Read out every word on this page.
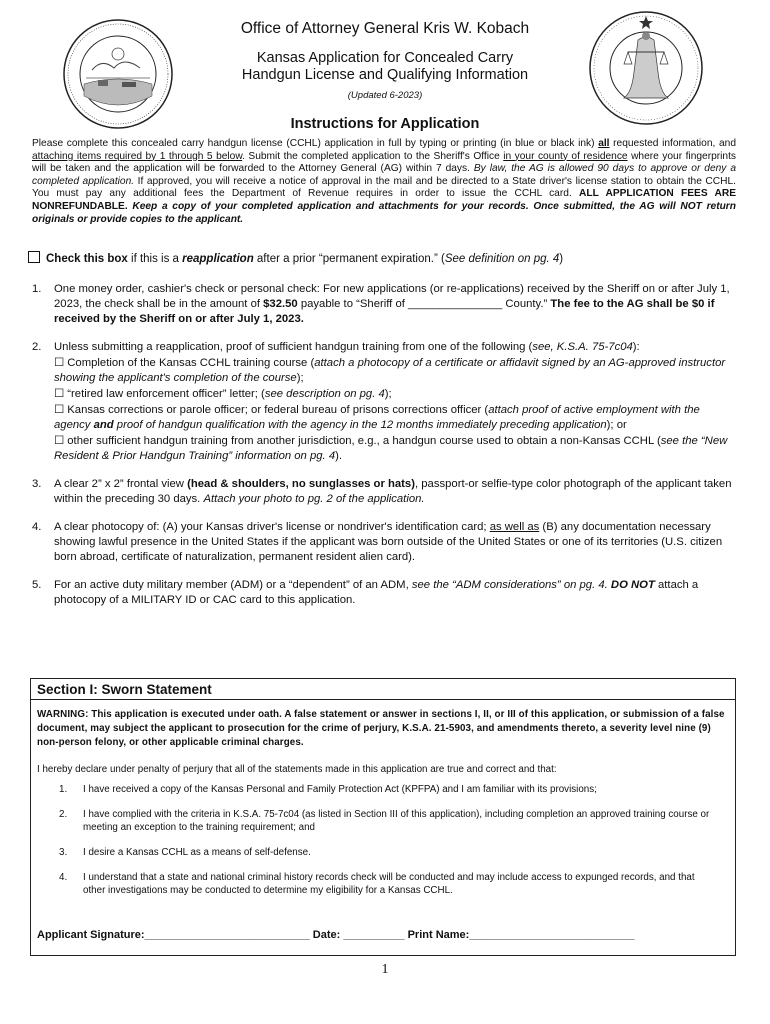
Office of Attorney General Kris W. Kobach
Kansas Application for Concealed Carry
Handgun License and Qualifying Information
(Updated 6-2023)
Instructions for Application
Please complete this concealed carry handgun license (CCHL) application in full by typing or printing (in blue or black ink) all requested information, and attaching items required by 1 through 5 below. Submit the completed application to the Sheriff's Office in your county of residence where your fingerprints will be taken and the application will be forwarded to the Attorney General (AG) within 7 days. By law, the AG is allowed 90 days to approve or deny a completed application. If approved, you will receive a notice of approval in the mail and be directed to a State driver's license station to obtain the CCHL. You must pay any additional fees the Department of Revenue requires in order to issue the CCHL card. ALL APPLICATION FEES ARE NONREFUNDABLE. Keep a copy of your completed application and attachments for your records. Once submitted, the AG will NOT return originals or provide copies to the applicant.
Check this box if this is a reapplication after a prior “permanent expiration.” (See definition on pg. 4)
1. One money order, cashier's check or personal check: For new applications (or re-applications) received by the Sheriff on or after July 1, 2023, the check shall be in the amount of $32.50 payable to “Sheriff of _______________ County.” The fee to the AG shall be $0 if received by the Sheriff on or after July 1, 2023.
2. Unless submitting a reapplication, proof of sufficient handgun training from one of the following (see, K.S.A. 75-7c04):
☐ Completion of the Kansas CCHL training course (attach a photocopy of a certificate or affidavit signed by an AG-approved instructor showing the applicant's completion of the course);
☐ “retired law enforcement officer” letter; (see description on pg. 4);
☐ Kansas corrections or parole officer; or federal bureau of prisons corrections officer (attach proof of active employment with the agency and proof of handgun qualification with the agency in the 12 months immediately preceding application); or
☐ other sufficient handgun training from another jurisdiction, e.g., a handgun course used to obtain a non-Kansas CCHL (see the “New Resident & Prior Handgun Training” information on pg. 4).
3. A clear 2” x 2” frontal view (head & shoulders, no sunglasses or hats), passport-or selfie-type color photograph of the applicant taken within the preceding 30 days. Attach your photo to pg. 2 of the application.
4. A clear photocopy of: (A) your Kansas driver's license or nondriver's identification card; as well as (B) any documentation necessary showing lawful presence in the United States if the applicant was born outside of the United States or one of its territories (U.S. citizen born abroad, certificate of naturalization, permanent resident alien card).
5. For an active duty military member (ADM) or a “dependent” of an ADM, see the “ADM considerations” on pg. 4. DO NOT attach a photocopy of a MILITARY ID or CAC card to this application.
Section I: Sworn Statement
WARNING: This application is executed under oath. A false statement or answer in sections I, II, or III of this application, or submission of a false document, may subject the applicant to prosecution for the crime of perjury, K.S.A. 21-5903, and amendments thereto, a severity level nine (9) non-person felony, or other applicable criminal charges.
I hereby declare under penalty of perjury that all of the statements made in this application are true and correct and that:
1. I have received a copy of the Kansas Personal and Family Protection Act (KPFPA) and I am familiar with its provisions;
2. I have complied with the criteria in K.S.A. 75-7c04 (as listed in Section III of this application), including completion an approved training course or meeting an exception to the training requirement; and
3. I desire a Kansas CCHL as a means of self-defense.
4. I understand that a state and national criminal history records check will be conducted and may include access to expunged records, and that other investigations may be conducted to determine my eligibility for a Kansas CCHL.
Applicant Signature:___________________________ Date: __________ Print Name:___________________________
1
